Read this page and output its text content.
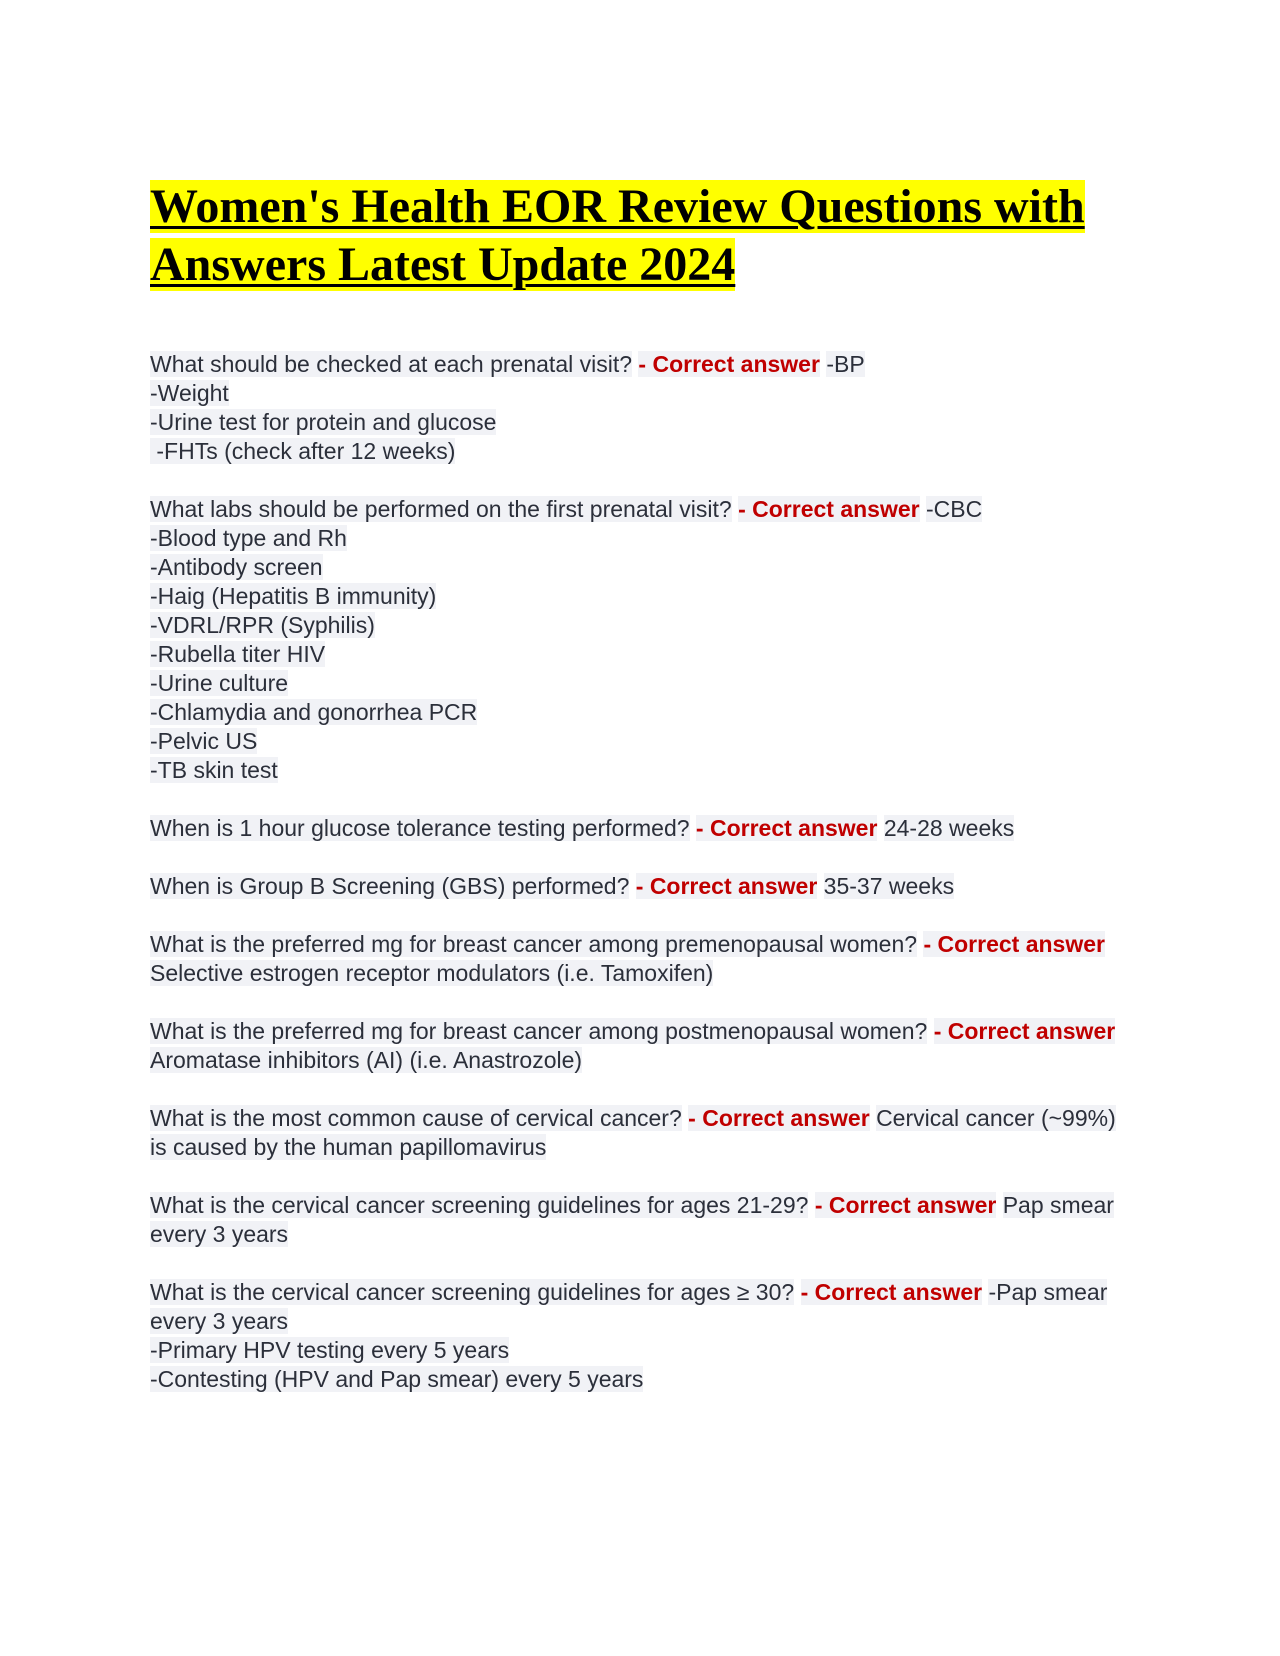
Women's Health EOR Review Questions with Answers Latest Update 2024
What should be checked at each prenatal visit? - Correct answer -BP
-Weight
-Urine test for protein and glucose
-FHTs (check after 12 weeks)
What labs should be performed on the first prenatal visit? - Correct answer -CBC
-Blood type and Rh
-Antibody screen
-Haig (Hepatitis B immunity)
-VDRL/RPR (Syphilis)
-Rubella titer HIV
-Urine culture
-Chlamydia and gonorrhea PCR
-Pelvic US
-TB skin test
When is 1 hour glucose tolerance testing performed? - Correct answer 24-28 weeks
When is Group B Screening (GBS) performed? - Correct answer 35-37 weeks
What is the preferred mg for breast cancer among premenopausal women? - Correct answer Selective estrogen receptor modulators (i.e. Tamoxifen)
What is the preferred mg for breast cancer among postmenopausal women? - Correct answer Aromatase inhibitors (AI) (i.e. Anastrozole)
What is the most common cause of cervical cancer? - Correct answer Cervical cancer (~99%) is caused by the human papillomavirus
What is the cervical cancer screening guidelines for ages 21-29? - Correct answer Pap smear every 3 years
What is the cervical cancer screening guidelines for ages ≥ 30? - Correct answer -Pap smear every 3 years
-Primary HPV testing every 5 years
-Contesting (HPV and Pap smear) every 5 years
